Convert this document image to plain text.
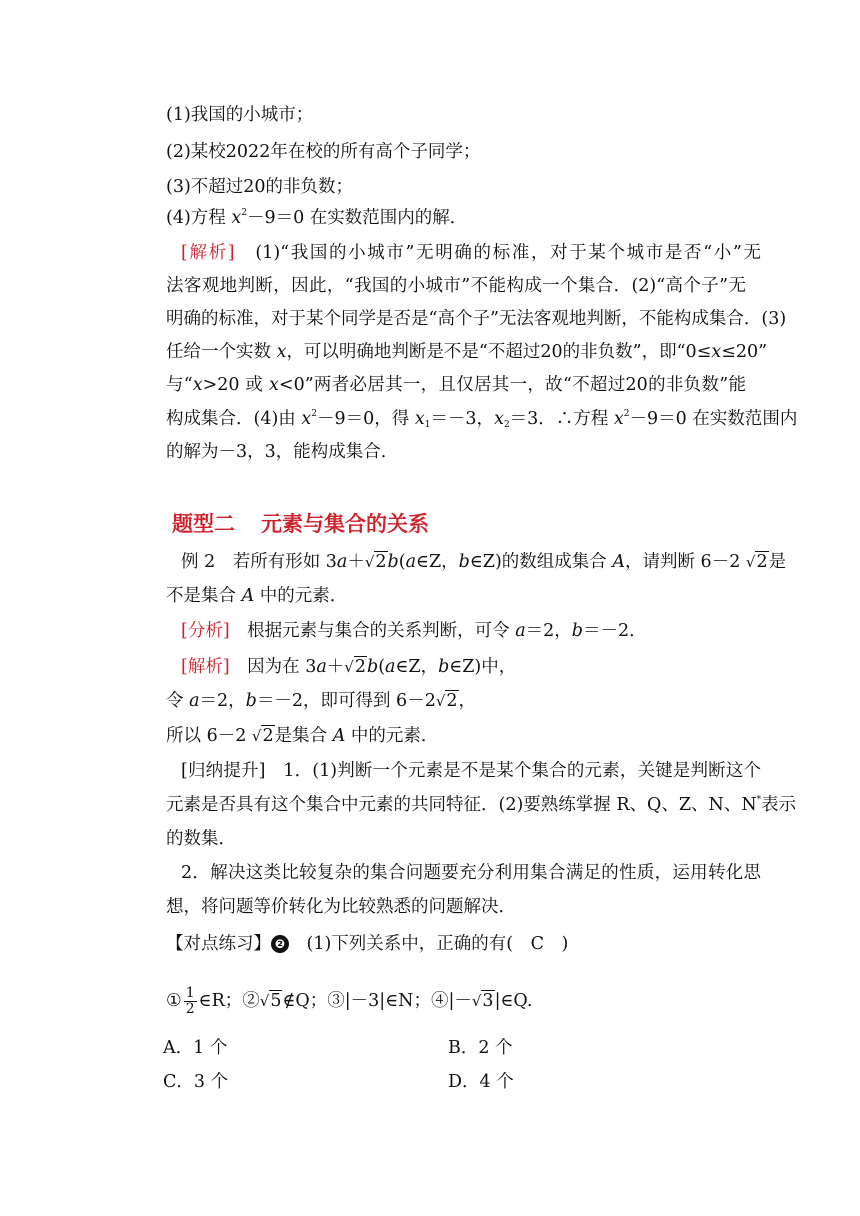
(1)我国的小城市；
(2)某校2022年在校的所有高个子同学；
(3)不超过20的非负数；
(4)方程 $x^2-9=0$ 在实数范围内的解．
[解析]　(1)“我国的小城市”无明确的标准，对于某个城市是否“小”无
法客观地判断，因此，“我国的小城市”不能构成一个集合．(2)“高个子”无
明确的标准，对于某个同学是否是“高个子”无法客观地判断，不能构成集合．(3)
任给一个实数 x，可以明确地判断是不是“不超过20的非负数”，即“0≤x≤20”
与“x>20 或 x<0”两者必居其一，且仅居其一，故“不超过20的非负数”能
构成集合．(4)由 $x^2-9=0$，得 $x_1=-3$，$x_2=3$．∴方程 $x^2-9=0$ 在实数范围内
的解为－3，3，能构成集合．
题型二 元素与集合的关系
例 2　若所有形如 3a＋√2b(a∈Z，b∈Z)的数组成集合 A，请判断 6－2 √2是
不是集合 A 中的元素．
[分析]　根据元素与集合的关系判断，可令 a＝2，b＝－2．
[解析]　因为在 3a＋√2b(a∈Z，b∈Z)中，
令 a＝2，b＝－2，即可得到 6－2√2，
所以 6－2 √2是集合 A 中的元素．
[归纳提升]　1．(1)判断一个元素是不是某个集合的元素，关键是判断这个
元素是否具有这个集合中元素的共同特征．(2)要熟练掌握 R、Q、Z、N、N*表示
的数集．
2．解决这类比较复杂的集合问题要充分利用集合满足的性质，运用转化思
想，将问题等价转化为比较熟悉的问题解决．
【对点练习】 ❷　(1)下列关系中，正确的有(　C　)
① $\frac{1}{2}$ ∈R；②√5∉Q；③|－3|∈N；④|－√3|∈Q.
A．1 个	B．2 个
C．3 个	D．4 个
